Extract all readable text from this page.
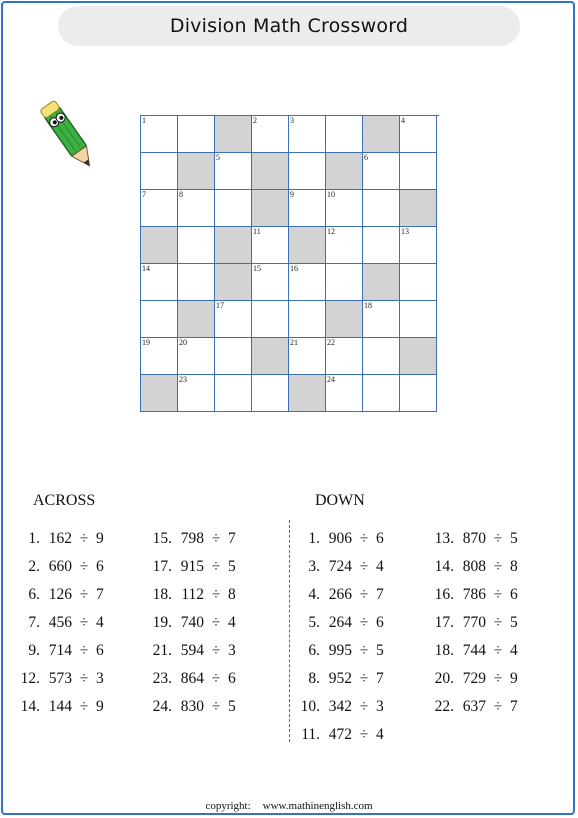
Division Math Crossword
1	2	3	4
5	6
7	8	9	10
11	12	13
14	15	16
17	18
19	20	21	22
23	24
ACROSS	DOWN
1. 162 ÷ 9
2. 660 ÷ 6
6. 126 ÷ 7
7. 456 ÷ 4
9. 714 ÷ 6
12. 573 ÷ 3
14. 144 ÷ 9
15. 798 ÷ 7
17. 915 ÷ 5
18. 112 ÷ 8
19. 740 ÷ 4
21. 594 ÷ 3
23. 864 ÷ 6
24. 830 ÷ 5
1. 906 ÷ 6
3. 724 ÷ 4
4. 266 ÷ 7
5. 264 ÷ 6
6. 995 ÷ 5
8. 952 ÷ 7
10. 342 ÷ 3
11. 472 ÷ 4
13. 870 ÷ 5
14. 808 ÷ 8
16. 786 ÷ 6
17. 770 ÷ 5
18. 744 ÷ 4
20. 729 ÷ 9
22. 637 ÷ 7
copyright: www.mathinenglish.com
